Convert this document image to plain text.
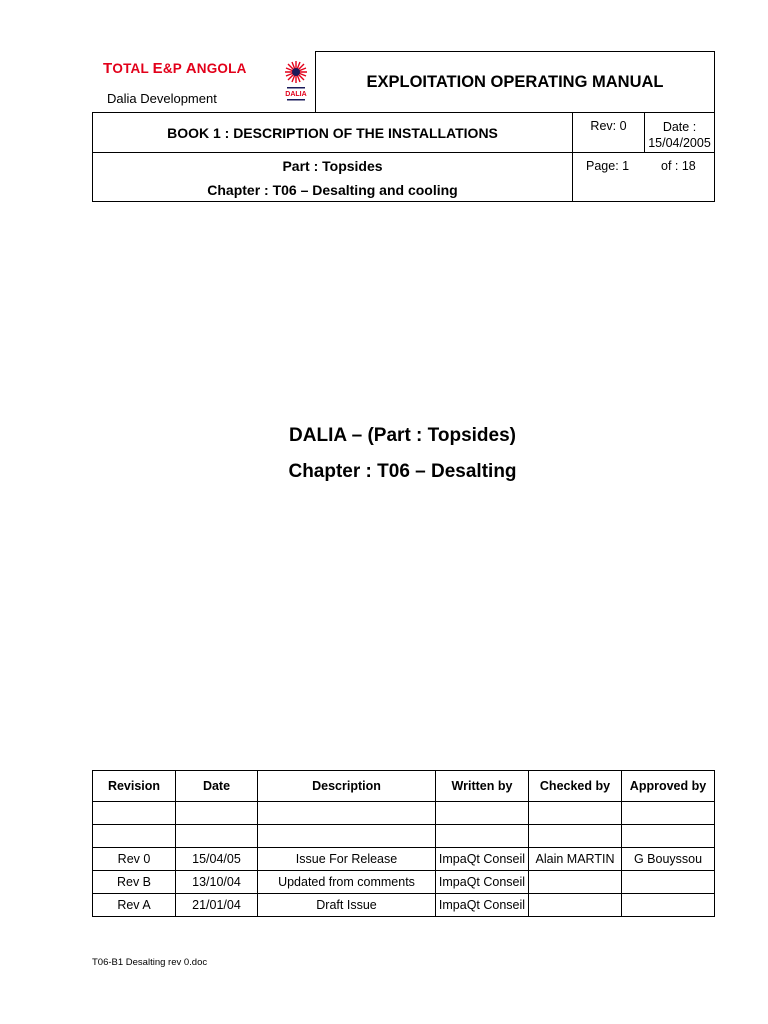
TOTAL E&P ANGOLA
Dalia Development	DALIA
EXPLOITATION OPERATING MANUAL
BOOK 1 : DESCRIPTION OF THE INSTALLATIONS	Rev: 0	Date :
15/04/2005
Part : Topsides
Chapter : T06 – Desalting and cooling
Page: 1	of : 18
DALIA – (Part : Topsides)
Chapter : T06 – Desalting
Revision	Date	Description	Written by	Checked by	Approved by

Rev 0	15/04/05	Issue For Release	ImpaQt Conseil	Alain MARTIN	G Bouyssou
Rev B	13/10/04	Updated from comments	ImpaQt Conseil		
Rev A	21/01/04	Draft Issue	ImpaQt Conseil		
T06-B1 Desalting rev 0.doc
